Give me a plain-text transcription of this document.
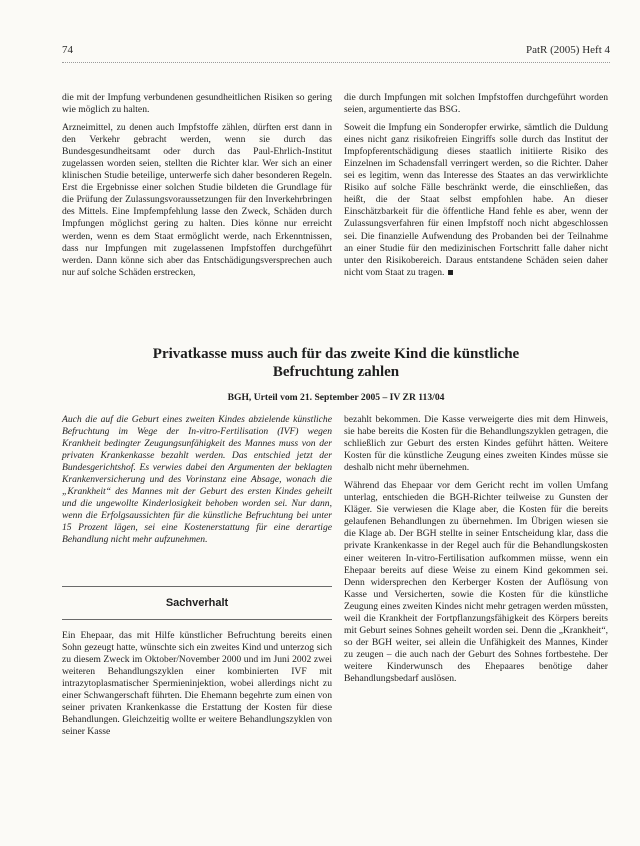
74	PatR (2005) Heft 4

die mit der Impfung verbundenen gesundheitlichen Risiken so gering wie möglich zu halten.

Arzneimittel, zu denen auch Impfstoffe zählen, dürften erst dann in den Verkehr gebracht werden, wenn sie durch das Bundesgesundheitsamt oder durch das Paul-Ehrlich-Institut zugelassen worden seien, stellten die Richter klar. Wer sich an einer klinischen Studie beteilige, unterwerfe sich daher besonderen Regeln. Erst die Ergebnisse einer solchen Studie bildeten die Grundlage für die Prüfung der Zulassungsvoraussetzungen für den Inverkehrbringen des Mittels. Eine Impfempfehlung lasse den Zweck, Schäden durch Impfungen möglichst gering zu halten. Dies könne nur erreicht werden, wenn es dem Staat ermöglicht werde, nach Erkenntnissen, dass nur Impfungen mit zugelassenen Impfstoffen durchgeführt werden. Dann könne sich aber das Entschädigungsversprechen auch nur auf solche Schäden erstrecken,

die durch Impfungen mit solchen Impfstoffen durchgeführt worden seien, argumentierte das BSG.

Soweit die Impfung ein Sonderopfer erwirke, sämtlich die Duldung eines nicht ganz risikofreien Eingriffs solle durch das Institut der Impfopferentschädigung dieses staatlich initiierte Risiko des Einzelnen im Schadensfall verringert werden, so die Richter. Daher sei es legitim, wenn das Interesse des Staates an das verwirklichte Risiko auf solche Fälle beschränkt werde, die einschließen, das heißt, die der Staat selbst empfohlen habe. An dieser Einschätzbarkeit für die öffentliche Hand fehle es aber, wenn der Zulassungsverfahren für einen Impfstoff noch nicht abgeschlossen sei. Die finanzielle Aufwendung des Probanden bei der Teilnahme an einer Studie für den medizinischen Fortschritt falle daher nicht unter den Risikobereich. Daraus entstandene Schäden seien daher nicht vom Staat zu tragen.

Privatkasse muss auch für das zweite Kind die künstliche
Befruchtung zahlen
BGH, Urteil vom 21. September 2005 – IV ZR 113/04

Auch die auf die Geburt eines zweiten Kindes abzielende künstliche Befruchtung im Wege der In-vitro-Fertilisation (IVF) wegen Krankheit bedingter Zeugungsunfähigkeit des Mannes muss von der privaten Krankenkasse bezahlt werden. Das entschied jetzt der Bundesgerichtshof. Es verwies dabei den Argumenten der beklagten Krankenversicherung und des Vorinstanz eine Absage, wonach die „Krankheit“ des Mannes mit der Geburt des ersten Kindes geheilt und die ungewollte Kinderlosigkeit behoben worden sei. Nur dann, wenn die Erfolgsaussichten für die künstliche Befruchtung bei unter 15 Prozent lägen, sei eine Kostenerstattung für eine derartige Behandlung nicht mehr aufzunehmen.

Sachverhalt

Ein Ehepaar, das mit Hilfe künstlicher Befruchtung bereits einen Sohn gezeugt hatte, wünschte sich ein zweites Kind und unterzog sich zu diesem Zweck im Oktober/November 2000 und im Juni 2002 zwei weiteren Behandlungszyklen einer kombinierten IVF mit intrazytoplasmatischer Spermieninjektion, wobei allerdings nicht zu einer Schwangerschaft führten. Die Ehemann begehrte zum einen von seiner privaten Krankenkasse die Erstattung der Kosten für diese Behandlungen. Gleichzeitig wollte er weitere Behandlungszyklen von seiner Kasse

bezahlt bekommen. Die Kasse verweigerte dies mit dem Hinweis, sie habe bereits die Kosten für die Behandlungszyklen getragen, die schließlich zur Geburt des ersten Kindes geführt hätten. Weitere Kosten für die künstliche Zeugung eines zweiten Kindes müsse sie deshalb nicht mehr übernehmen.

Während das Ehepaar vor dem Gericht recht im vollen Umfang unterlag, entschieden die BGH-Richter teilweise zu Gunsten der Kläger. Sie verwiesen die Klage aber, die Kosten für die bereits gelaufenen Behandlungen zu übernehmen. Im Übrigen wiesen sie die Klage ab. Der BGH stellte in seiner Entscheidung klar, dass die private Krankenkasse in der Regel auch für die Behandlungskosten einer weiteren In-vitro-Fertilisation aufkommen müsse, wenn ein Ehepaar bereits auf diese Weise zu einem Kind gekommen sei. Denn widersprechen den Kerberger Kosten der Auflösung von Kasse und Versicherten, sowie die Kosten für die künstliche Zeugung eines zweiten Kindes nicht mehr getragen werden müssten, weil die Krankheit der Fortpflanzungsfähigkeit des Körpers bereits mit Geburt seines Sohnes geheilt worden sei. Denn die „Krankheit“, so der BGH weiter, sei allein die Unfähigkeit des Mannes, Kinder zu zeugen – die auch nach der Geburt des Sohnes fortbestehe. Der weitere Kinderwunsch des Ehepaares benötige daher Behandlungsbedarf auslösen.
